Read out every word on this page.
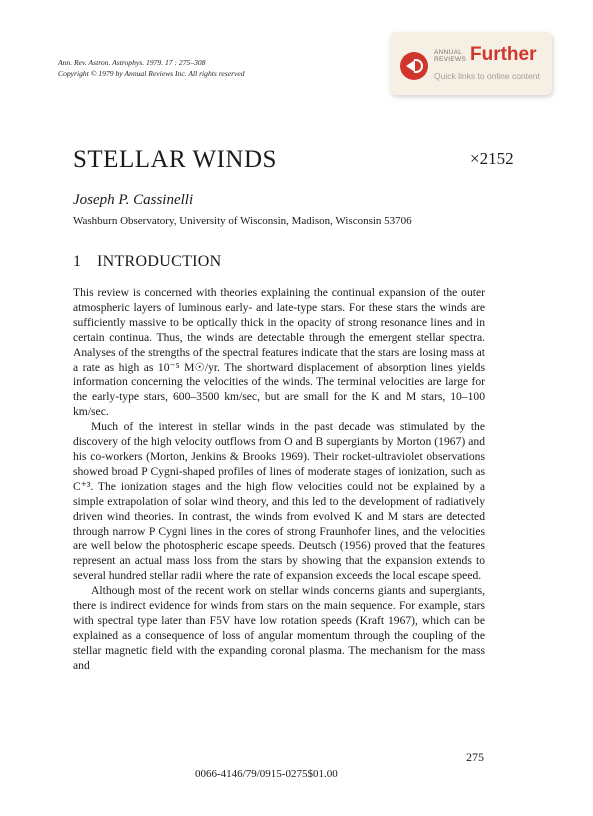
Ann. Rev. Astron. Astrophys. 1979. 17 : 275–308
Copyright © 1979 by Annual Reviews Inc. All rights reserved
ANNUAL REVIEWS Further
Quick links to online content
STELLAR WINDS	×2152
Joseph P. Cassinelli
Washburn Observatory, University of Wisconsin, Madison, Wisconsin 53706
1 INTRODUCTION

This review is concerned with theories explaining the continual expansion of the outer atmospheric layers of luminous early- and late-type stars. For these stars the winds are sufficiently massive to be optically thick in the opacity of strong resonance lines and in certain continua. Thus, the winds are detectable through the emergent stellar spectra. Analyses of the strengths of the spectral features indicate that the stars are losing mass at a rate as high as 10⁻⁵ M☉/yr. The shortward displacement of absorption lines yields information concerning the velocities of the winds. The terminal velocities are large for the early-type stars, 600–3500 km/sec, but are small for the K and M stars, 10–100 km/sec.

Much of the interest in stellar winds in the past decade was stimulated by the discovery of the high velocity outflows from O and B supergiants by Morton (1967) and his co-workers (Morton, Jenkins & Brooks 1969). Their rocket-ultraviolet observations showed broad P Cygni-shaped profiles of lines of moderate stages of ionization, such as C⁺³. The ionization stages and the high flow velocities could not be explained by a simple extrapolation of solar wind theory, and this led to the development of radiatively driven wind theories. In contrast, the winds from evolved K and M stars are detected through narrow P Cygni lines in the cores of strong Fraunhofer lines, and the velocities are well below the photospheric escape speeds. Deutsch (1956) proved that the features represent an actual mass loss from the stars by showing that the expansion extends to several hundred stellar radii where the rate of expansion exceeds the local escape speed.

Although most of the recent work on stellar winds concerns giants and supergiants, there is indirect evidence for winds from stars on the main sequence. For example, stars with spectral type later than F5V have low rotation speeds (Kraft 1967), which can be explained as a consequence of loss of angular momentum through the coupling of the stellar magnetic field with the expanding coronal plasma. The mechanism for the mass and

275
0066-4146/79/0915-0275$01.00
